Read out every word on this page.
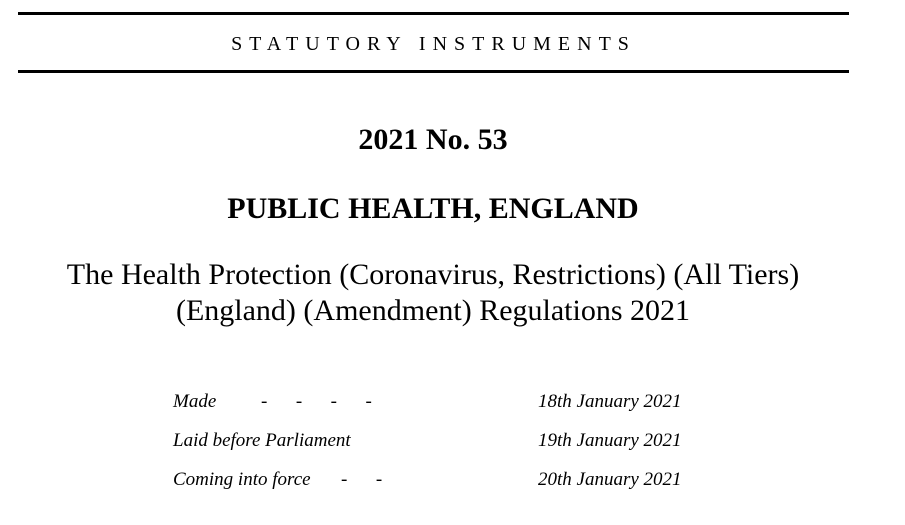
STATUTORY INSTRUMENTS
2021 No. 53
PUBLIC HEALTH, ENGLAND
The Health Protection (Coronavirus, Restrictions) (All Tiers)
(England) (Amendment) Regulations 2021
Made -      -      -      -	18th January 2021
Laid before Parliament	19th January 2021
Coming into force -      -	20th January 2021
